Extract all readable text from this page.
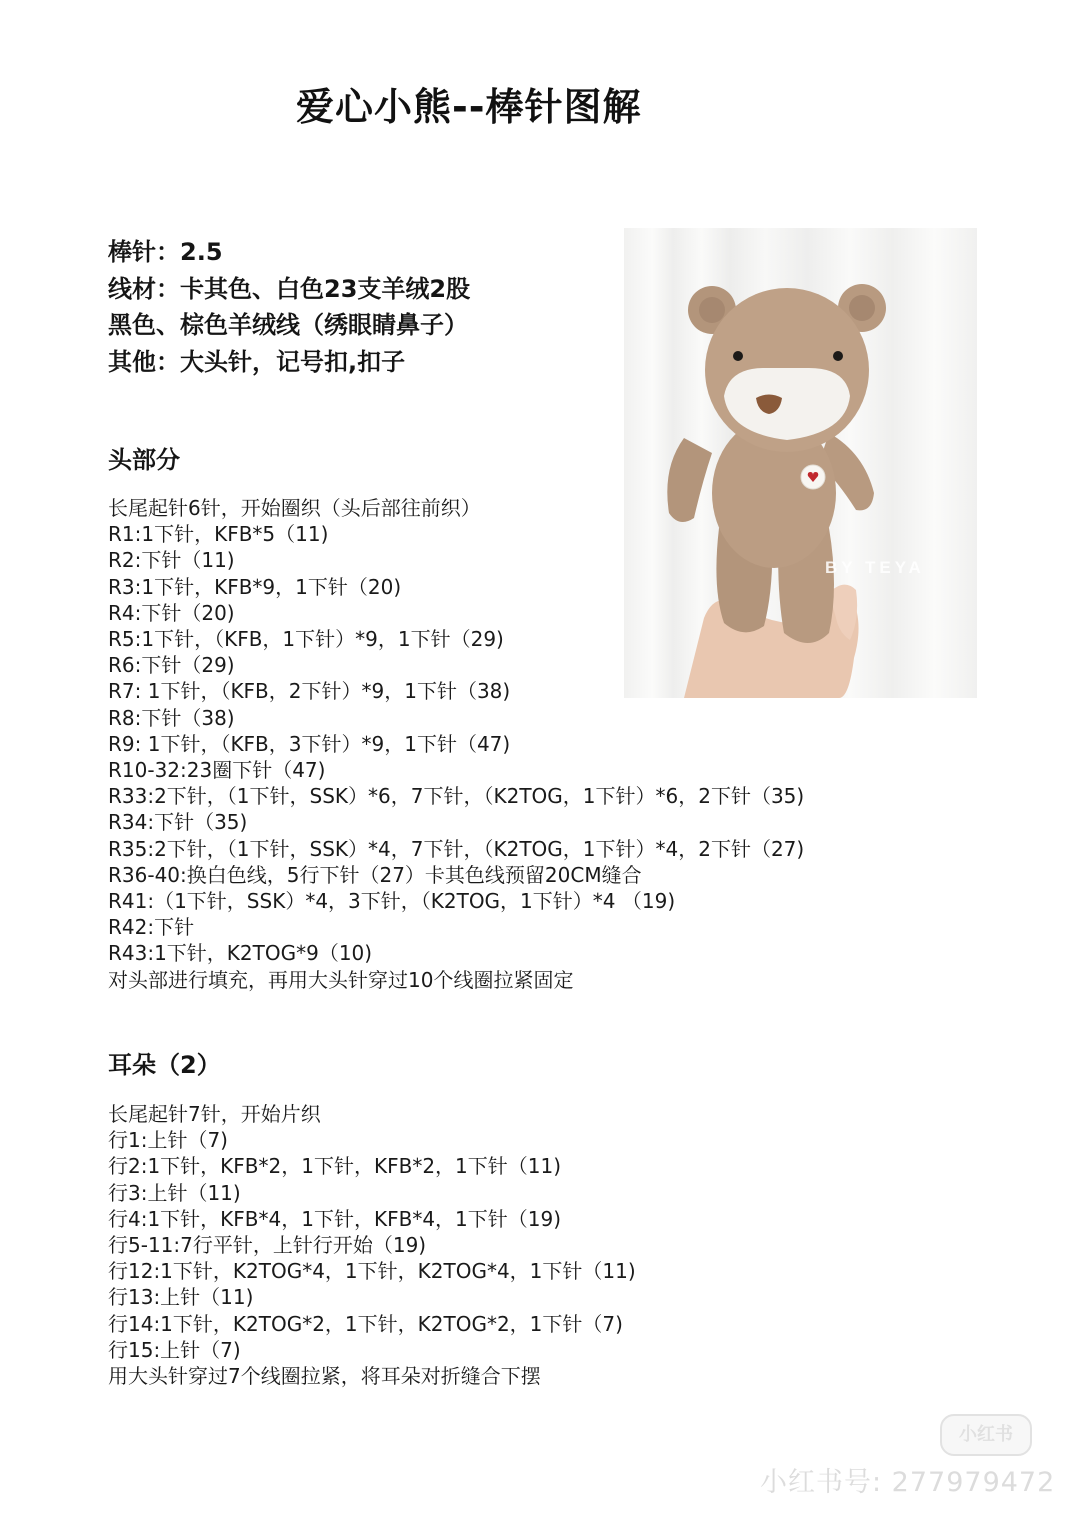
爱心小熊--棒针图解
棒针：2.5
线材：卡其色、白色23支羊绒2股
黑色、棕色羊绒线（绣眼睛鼻子）
其他：大头针，记号扣,扣子
BY TEYA
头部分
长尾起针6针，开始圈织（头后部往前织）
R1:1下针，KFB*5（11)
R2:下针（11)
R3:1下针，KFB*9，1下针（20)
R4:下针（20)
R5:1下针，（KFB，1下针）*9，1下针（29)
R6:下针（29)
R7: 1下针，（KFB，2下针）*9，1下针（38)
R8:下针（38)
R9: 1下针，（KFB，3下针）*9，1下针（47)
R10-32:23圈下针（47)
R33:2下针，（1下针，SSK）*6，7下针，（K2TOG，1下针）*6，2下针（35)
R34:下针（35)
R35:2下针，（1下针，SSK）*4，7下针，（K2TOG，1下针）*4，2下针（27)
R36-40:换白色线，5行下针（27）卡其色线预留20CM缝合
R41:（1下针，SSK）*4，3下针，（K2TOG，1下针）*4 （19)
R42:下针
R43:1下针，K2TOG*9（10)
对头部进行填充，再用大头针穿过10个线圈拉紧固定
耳朵（2）
长尾起针7针，开始片织
行1:上针（7)
行2:1下针，KFB*2，1下针，KFB*2，1下针（11)
行3:上针（11)
行4:1下针，KFB*4，1下针，KFB*4，1下针（19)
行5-11:7行平针，上针行开始（19)
行12:1下针，K2TOG*4，1下针，K2TOG*4，1下针（11)
行13:上针（11)
行14:1下针，K2TOG*2，1下针，K2TOG*2，1下针（7)
行15:上针（7)
用大头针穿过7个线圈拉紧，将耳朵对折缝合下摆
小红书
小红书号: 277979472
